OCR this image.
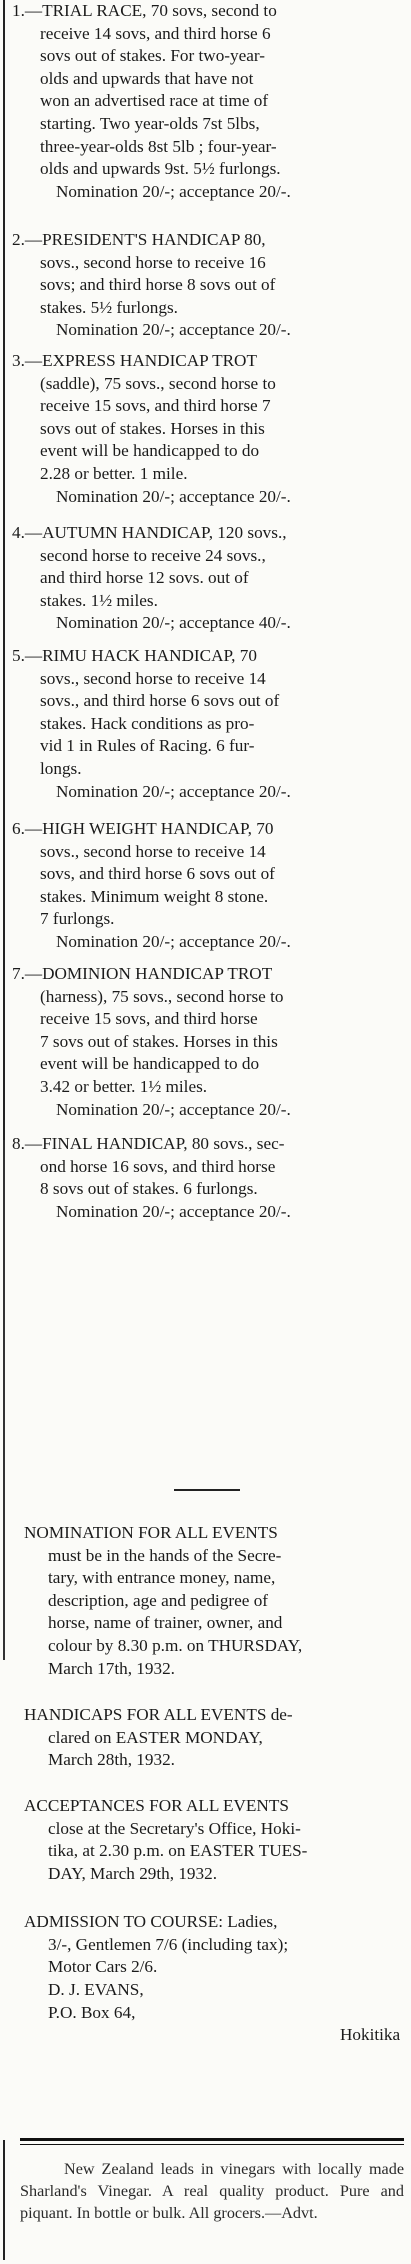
1.—TRIAL RACE, 70 sovs, second to

receive 14 sovs, and third horse 6

sovs out of stakes. For two-year-

olds and upwards that have not

won an advertised race at time of

starting. Two year-olds 7st 5lbs,

three-year-olds 8st 5lb ; four-year-

olds and upwards 9st. 5½ furlongs.

Nomination 20/-; acceptance 20/-.

2.—PRESIDENT'S HANDICAP 80,

sovs., second horse to receive 16

sovs; and third horse 8 sovs out of

stakes. 5½ furlongs.

Nomination 20/-; acceptance 20/-.

3.—EXPRESS HANDICAP TROT

(saddle), 75 sovs., second horse to

receive 15 sovs, and third horse 7

sovs out of stakes. Horses in this

event will be handicapped to do

2.28 or better. 1 mile.

Nomination 20/-; acceptance 20/-.

4.—AUTUMN HANDICAP, 120 sovs.,

second horse to receive 24 sovs.,

and third horse 12 sovs. out of

stakes. 1½ miles.

Nomination 20/-; acceptance 40/-.

5.—RIMU HACK HANDICAP, 70

sovs., second horse to receive 14

sovs., and third horse 6 sovs out of

stakes. Hack conditions as pro-

vid 1 in Rules of Racing. 6 fur-

longs.

Nomination 20/-; acceptance 20/-.

6.—HIGH WEIGHT HANDICAP, 70

sovs., second horse to receive 14

sovs, and third horse 6 sovs out of

stakes. Minimum weight 8 stone.

7 furlongs.

Nomination 20/-; acceptance 20/-.

7.—DOMINION HANDICAP TROT

(harness), 75 sovs., second horse to

receive 15 sovs, and third horse

7 sovs out of stakes. Horses in this

event will be handicapped to do

3.42 or better. 1½ miles.

Nomination 20/-; acceptance 20/-.

8.—FINAL HANDICAP, 80 sovs., sec-

ond horse 16 sovs, and third horse

8 sovs out of stakes. 6 furlongs.

Nomination 20/-; acceptance 20/-.

NOMINATION FOR ALL EVENTS

must be in the hands of the Secre-

tary, with entrance money, name,

description, age and pedigree of

horse, name of trainer, owner, and

colour by 8.30 p.m. on THURSDAY,

March 17th, 1932.

HANDICAPS FOR ALL EVENTS de-

clared on EASTER MONDAY,

March 28th, 1932.

ACCEPTANCES FOR ALL EVENTS

close at the Secretary's Office, Hoki-

tika, at 2.30 p.m. on EASTER TUES-

DAY, March 29th, 1932.

ADMISSION TO COURSE: Ladies,

3/-, Gentlemen 7/6 (including tax);

Motor Cars 2/6.

D. J. EVANS,

P.O. Box 64,

Hokitika

New Zealand leads in vinegars with locally made Sharland's Vinegar. A real quality product. Pure and piquant. In bottle or bulk. All grocers.—Advt.
